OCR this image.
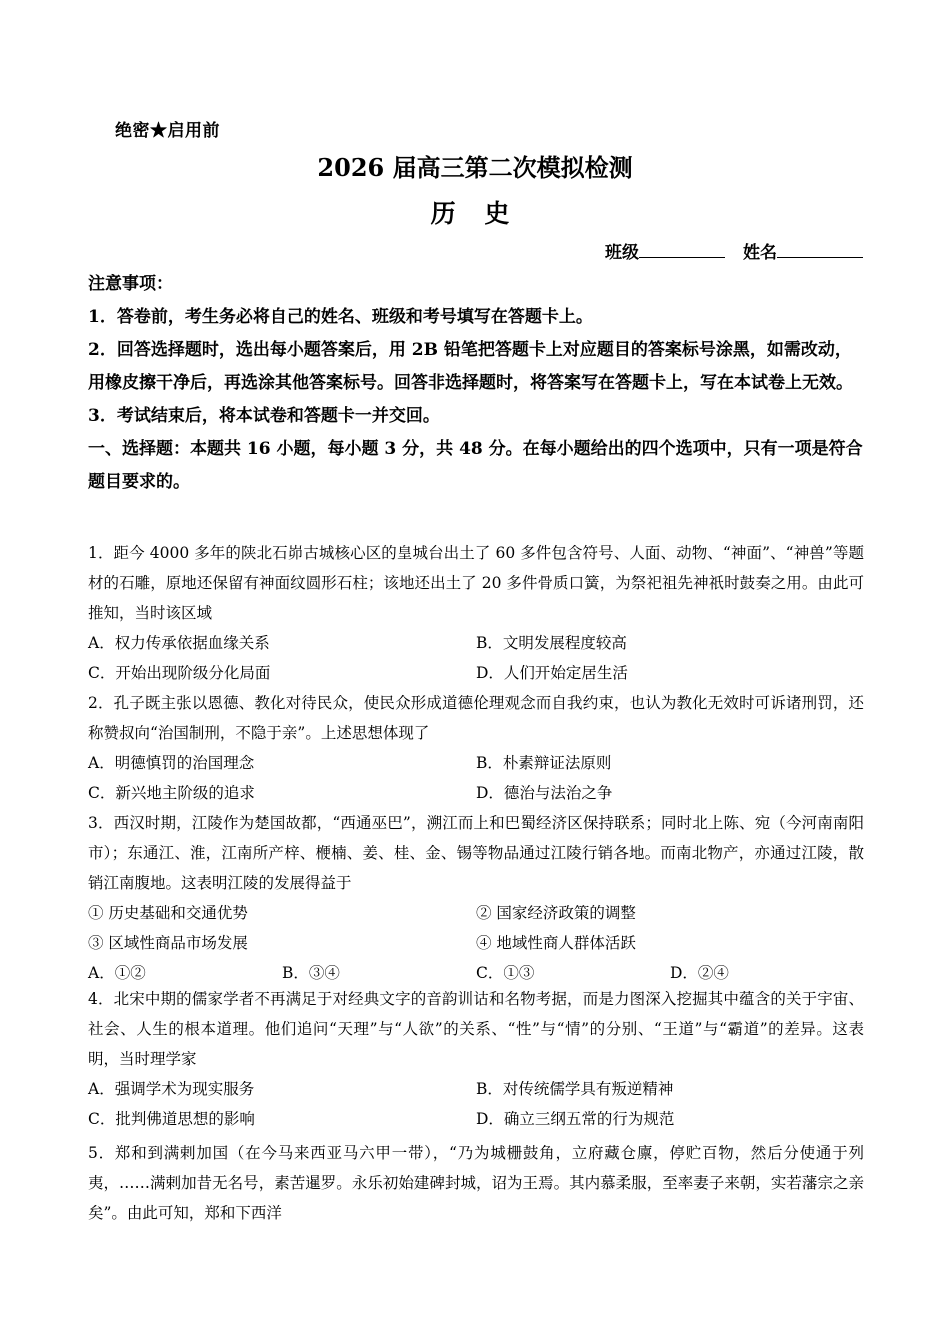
绝密★启用前
2026 届高三第二次模拟检测
历 史
班级	姓名

注意事项：

1．答卷前，考生务必将自己的姓名、班级和考号填写在答题卡上。

2．回答选择题时，选出每小题答案后，用 2B 铅笔把答题卡上对应题目的答案标号涂黑，如需改动，用橡皮擦干净后，再选涂其他答案标号。回答非选择题时，将答案写在答题卡上，写在本试卷上无效。

3．考试结束后，将本试卷和答题卡一并交回。

一、选择题：本题共 16 小题，每小题 3 分，共 48 分。在每小题给出的四个选项中，只有一项是符合题目要求的。

1．距今 4000 多年的陕北石峁古城核心区的皇城台出土了 60 多件包含符号、人面、动物、“神面”、“神兽”等题材的石雕，原地还保留有神面纹圆形石柱；该地还出土了 20 多件骨质口簧，为祭祀祖先神祇时鼓奏之用。由此可推知，当时该区域

A．权力传承依据血缘关系	B．文明发展程度较高
C．开始出现阶级分化局面	D．人们开始定居生活

2．孔子既主张以恩德、教化对待民众，使民众形成道德伦理观念而自我约束，也认为教化无效时可诉诸刑罚，还称赞叔向“治国制刑，不隐于亲”。上述思想体现了

A．明德慎罚的治国理念	B．朴素辩证法原则
C．新兴地主阶级的追求	D．德治与法治之争

3．西汉时期，江陵作为楚国故都，“西通巫巴”，溯江而上和巴蜀经济区保持联系；同时北上陈、宛（今河南南阳市）；东通江、淮，江南所产梓、楩楠、姜、桂、金、锡等物品通过江陵行销各地。而南北物产，亦通过江陵，散销江南腹地。这表明江陵的发展得益于

① 历史基础和交通优势	② 国家经济政策的调整
③ 区域性商品市场发展	④ 地域性商人群体活跃
A．①②	B．③④	C．①③	D．②④

4．北宋中期的儒家学者不再满足于对经典文字的音韵训诂和名物考据，而是力图深入挖掘其中蕴含的关于宇宙、社会、人生的根本道理。他们追问“天理”与“人欲”的关系、“性”与“情”的分别、“王道”与“霸道”的差异。这表明，当时理学家

A．强调学术为现实服务	B．对传统儒学具有叛逆精神
C．批判佛道思想的影响	D．确立三纲五常的行为规范

5．郑和到满剌加国（在今马来西亚马六甲一带），“乃为城栅鼓角，立府藏仓廪，停贮百物，然后分使通于列夷，……满剌加昔无名号，素苦暹罗。永乐初始建碑封城，诏为王焉。其内慕柔服，至率妻子来朝，实若藩宗之亲矣”。由此可知，郑和下西洋
